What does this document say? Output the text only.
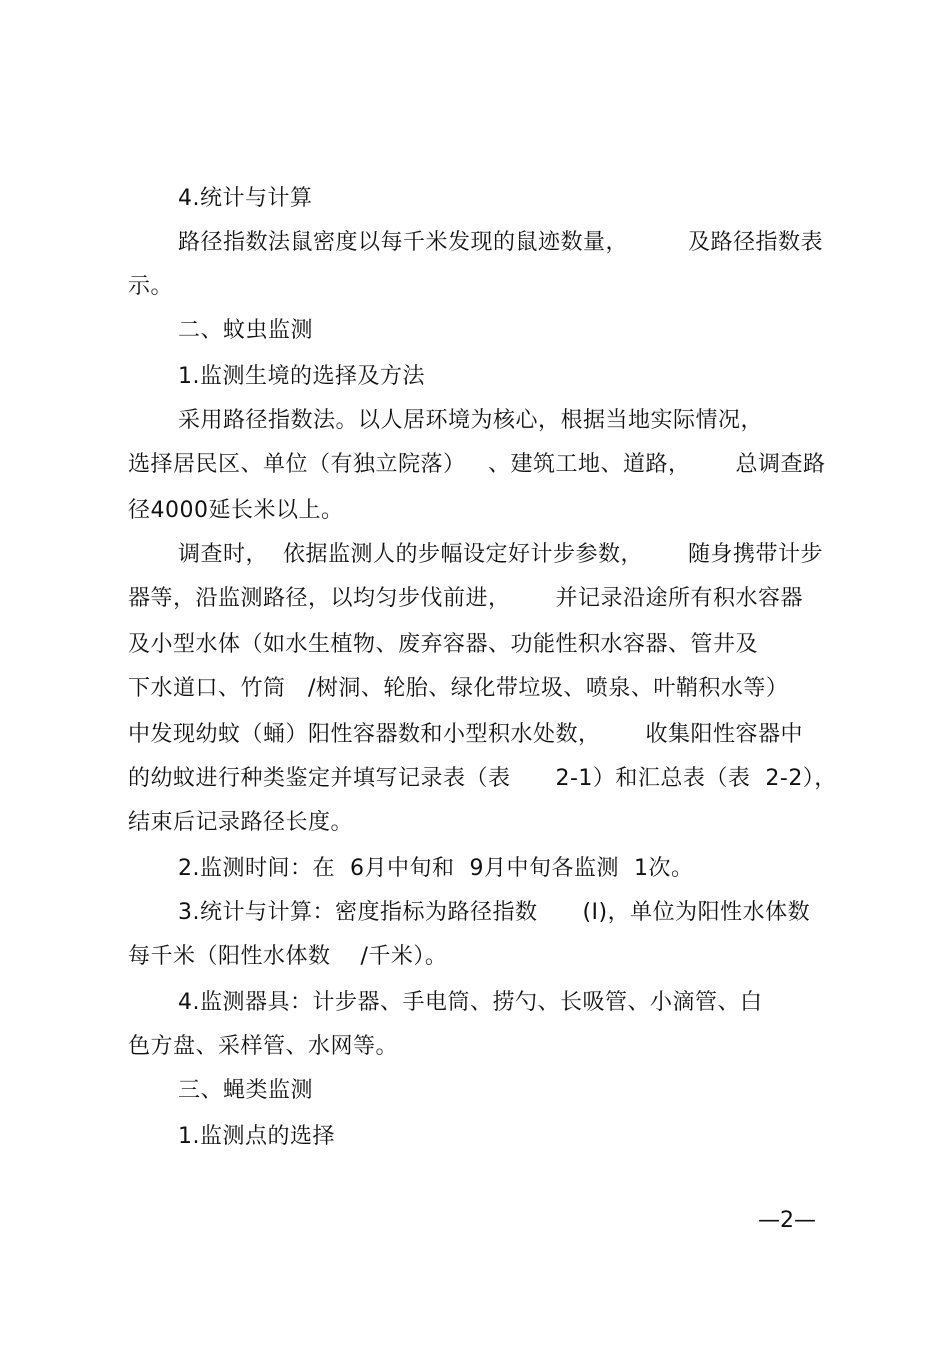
4.统计与计算
路径指数法鼠密度以每千米发现的鼠迹数量，        及路径指数表
示。
二、蚊虫监测
1.监测生境的选择及方法
采用路径指数法。以人居环境为核心，根据当地实际情况，
选择居民区、单位（有独立院落）   、建筑工地、道路，      总调查路
径4000延长米以上。
调查时，  依据监测人的步幅设定好计步参数，      随身携带计步
器等，沿监测路径，以均匀步伐前进，      并记录沿途所有积水容器
及小型水体（如水生植物、废弃容器、功能性积水容器、管井及
下水道口、竹筒   /树洞、轮胎、绿化带垃圾、喷泉、叶鞘积水等）
中发现幼蚊（蛹）阳性容器数和小型积水处数，      收集阳性容器中
的幼蚊进行种类鉴定并填写记录表（表      2-1）和汇总表（表  2-2），
结束后记录路径长度。
2.监测时间：在  6月中旬和  9月中旬各监测  1次。
3.统计与计算：密度指标为路径指数      (I)，单位为阳性水体数
每千米（阳性水体数    /千米）。
4.监测器具：计步器、手电筒、捞勺、长吸管、小滴管、白
色方盘、采样管、水网等。
三、蝇类监测
1.监测点的选择
—2—
